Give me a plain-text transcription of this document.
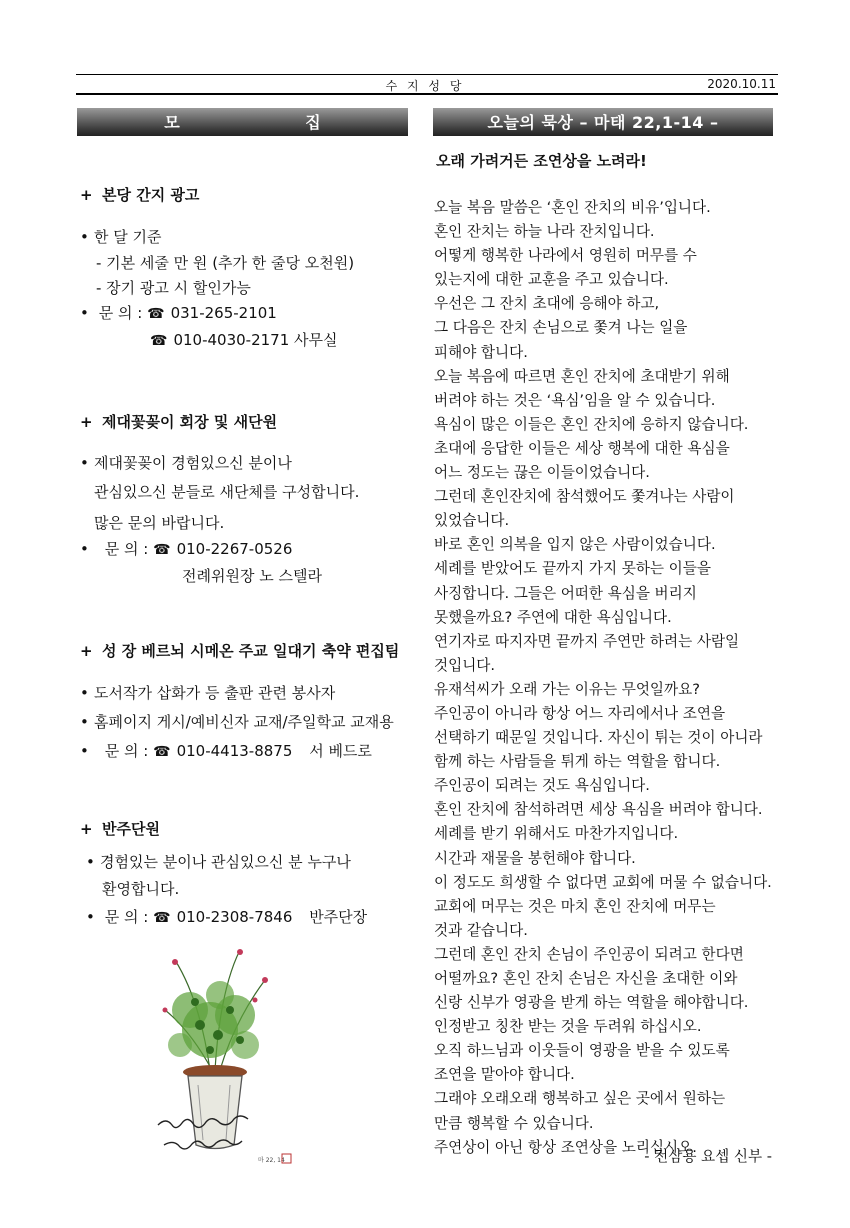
수 지 성 당	2020.10.11
모 집	오늘의 묵상 – 마태 22,1-14 –
+ 본당 간지 광고
• 한 달 기준
- 기본 세줄 만 원 (추가 한 줄당 오천원)
- 장기 광고 시 할인가능
• 문 의 : ☎ 031-265-2101
☎ 010-4030-2171 사무실
+ 제대꽃꽂이 회장 및 새단원
• 제대꽃꽂이 경험있으신 분이나
관심있으신 분들로 새단체를 구성합니다.
많은 문의 바랍니다.
• 문 의 : ☎ 010-2267-0526
전례위원장 노 스텔라
+ 성 장 베르뇌 시메온 주교 일대기 축약 편집팀
• 도서작가 삽화가 등 출판 관련 봉사자
• 홈페이지 게시/예비신자 교재/주일학교 교재용
• 문 의 : ☎ 010-4413-8875 서 베드로
+ 반주단원
• 경험있는 분이나 관심있으신 분 누구나
환영합니다.
• 문 의 : ☎ 010-2308-7846 반주단장
마 22, 14
오래 가려거든 조연상을 노려라!
오늘 복음 말씀은 ‘혼인 잔치의 비유’입니다.
혼인 잔치는 하늘 나라 잔치입니다.
어떻게 행복한 나라에서 영원히 머무를 수
있는지에 대한 교훈을 주고 있습니다.
우선은 그 잔치 초대에 응해야 하고,
그 다음은 잔치 손님으로 쫓겨 나는 일을
피해야 합니다.
오늘 복음에 따르면 혼인 잔치에 초대받기 위해
버려야 하는 것은 ‘욕심’임을 알 수 있습니다.
욕심이 많은 이들은 혼인 잔치에 응하지 않습니다.
초대에 응답한 이들은 세상 행복에 대한 욕심을
어느 정도는 끊은 이들이었습니다.
그런데 혼인잔치에 참석했어도 쫓겨나는 사람이
있었습니다.
바로 혼인 의복을 입지 않은 사람이었습니다.
세례를 받았어도 끝까지 가지 못하는 이들을
사징합니다. 그들은 어떠한 욕심을 버리지
못했을까요? 주연에 대한 욕심입니다.
연기자로 따지자면 끝까지 주연만 하려는 사람일
것입니다.
유재석씨가 오래 가는 이유는 무엇일까요?
주인공이 아니라 항상 어느 자리에서나 조연을
선택하기 때문일 것입니다. 자신이 튀는 것이 아니라
함께 하는 사람들을 튀게 하는 역할을 합니다.
주인공이 되려는 것도 욕심입니다.
혼인 잔치에 참석하려면 세상 욕심을 버려야 합니다.
세례를 받기 위해서도 마찬가지입니다.
시간과 재물을 봉헌해야 합니다.
이 정도도 희생할 수 없다면 교회에 머물 수 없습니다.
교회에 머무는 것은 마치 혼인 잔치에 머무는
것과 같습니다.
그런데 혼인 잔치 손님이 주인공이 되려고 한다면
어떨까요? 혼인 잔치 손님은 자신을 초대한 이와
신랑 신부가 영광을 받게 하는 역할을 해야합니다.
인정받고 칭찬 받는 것을 두려워 하십시오.
오직 하느님과 이웃들이 영광을 받을 수 있도록
조연을 맡아야 합니다.
그래야 오래오래 행복하고 싶은 곳에서 원하는
만큼 행복할 수 있습니다.
주연상이 아닌 항상 조연상을 노리십시오.
- 전삼용 요셉 신부 -
